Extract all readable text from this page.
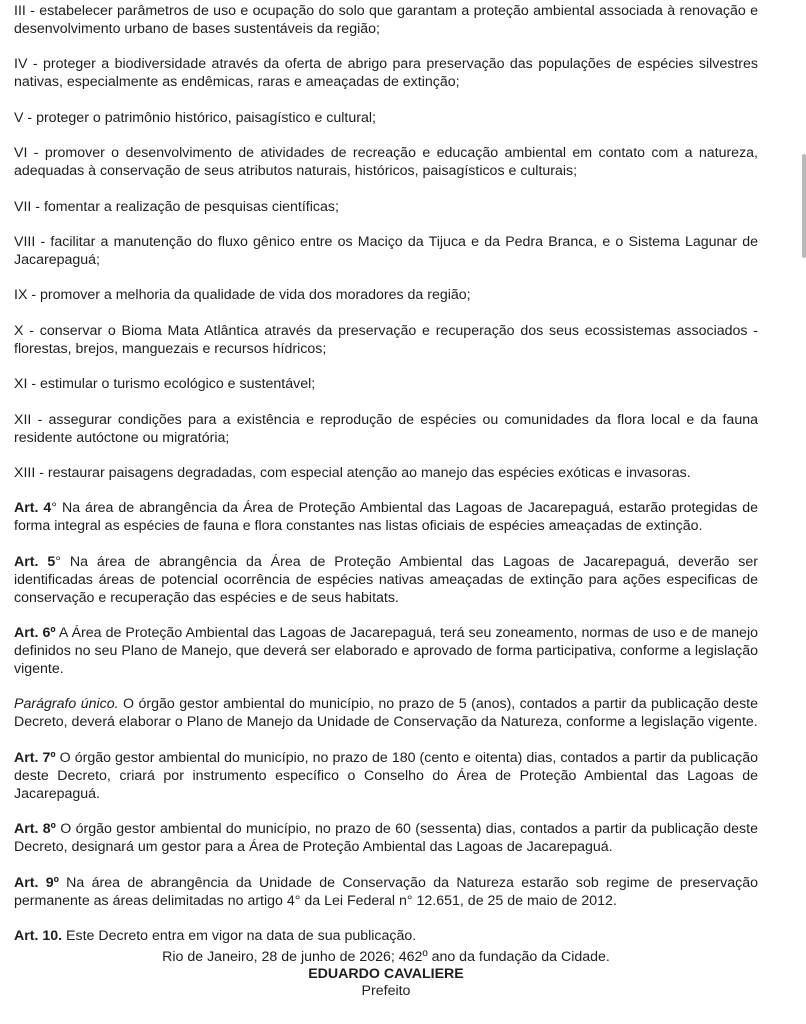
III - estabelecer parâmetros de uso e ocupação do solo que garantam a proteção ambiental associada à renovação e desenvolvimento urbano de bases sustentáveis da região;

IV - proteger a biodiversidade através da oferta de abrigo para preservação das populações de espécies silvestres nativas, especialmente as endêmicas, raras e ameaçadas de extinção;

V - proteger o patrimônio histórico, paisagístico e cultural;

VI - promover o desenvolvimento de atividades de recreação e educação ambiental em contato com a natureza, adequadas à conservação de seus atributos naturais, históricos, paisagísticos e culturais;

VII - fomentar a realização de pesquisas científicas;

VIII - facilitar a manutenção do fluxo gênico entre os Maciço da Tijuca e da Pedra Branca, e o Sistema Lagunar de Jacarepaguá;

IX - promover a melhoria da qualidade de vida dos moradores da região;

X - conservar o Bioma Mata Atlântica através da preservação e recuperação dos seus ecossistemas associados - florestas, brejos, manguezais e recursos hídricos;

XI - estimular o turismo ecológico e sustentável;

XII - assegurar condições para a existência e reprodução de espécies ou comunidades da flora local e da fauna residente autóctone ou migratória;

XIII - restaurar paisagens degradadas, com especial atenção ao manejo das espécies exóticas e invasoras.

Art. 4° Na área de abrangência da Área de Proteção Ambiental das Lagoas de Jacarepaguá, estarão protegidas de forma integral as espécies de fauna e flora constantes nas listas oficiais de espécies ameaçadas de extinção.

Art. 5° Na área de abrangência da Área de Proteção Ambiental das Lagoas de Jacarepaguá, deverão ser identificadas áreas de potencial ocorrência de espécies nativas ameaçadas de extinção para ações especificas de conservação e recuperação das espécies e de seus habitats.

Art. 6º A Área de Proteção Ambiental das Lagoas de Jacarepaguá, terá seu zoneamento, normas de uso e de manejo definidos no seu Plano de Manejo, que deverá ser elaborado e aprovado de forma participativa, conforme a legislação vigente.

Parágrafo único. O órgão gestor ambiental do município, no prazo de 5 (anos), contados a partir da publicação deste Decreto, deverá elaborar o Plano de Manejo da Unidade de Conservação da Natureza, conforme a legislação vigente.

Art. 7º O órgão gestor ambiental do município, no prazo de 180 (cento e oitenta) dias, contados a partir da publicação deste Decreto, criará por instrumento específico o Conselho do Área de Proteção Ambiental das Lagoas de Jacarepaguá.

Art. 8º O órgão gestor ambiental do município, no prazo de 60 (sessenta) dias, contados a partir da publicação deste Decreto, designará um gestor para a Área de Proteção Ambiental das Lagoas de Jacarepaguá.

Art. 9º Na área de abrangência da Unidade de Conservação da Natureza estarão sob regime de preservação permanente as áreas delimitadas no artigo 4° da Lei Federal n° 12.651, de 25 de maio de 2012.

Art. 10. Este Decreto entra em vigor na data de sua publicação.

Rio de Janeiro, 28 de junho de 2026; 462º ano da fundação da Cidade.
EDUARDO CAVALIERE
Prefeito
